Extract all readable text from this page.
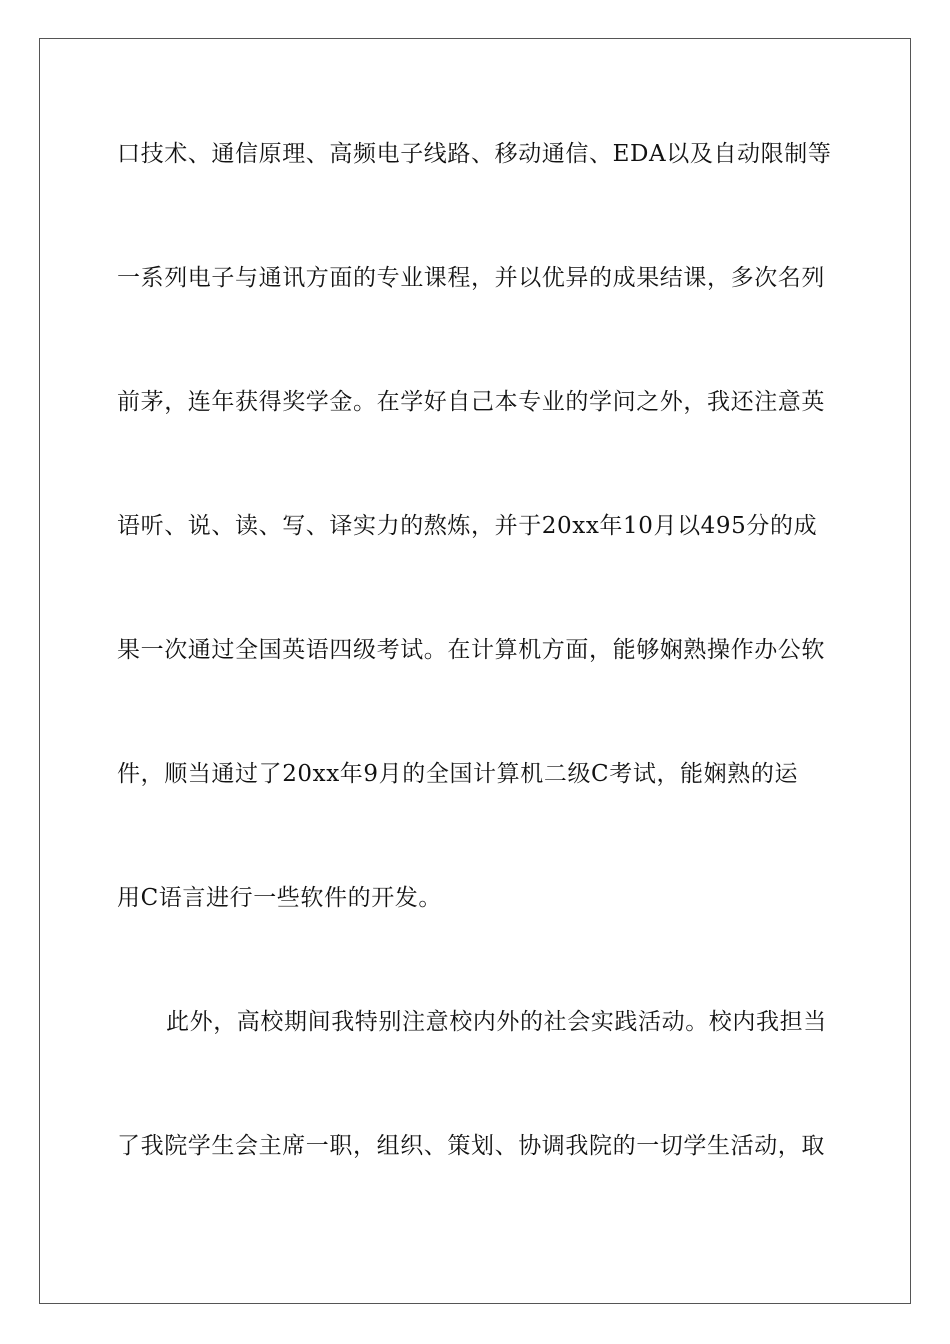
口技术、通信原理、高频电子线路、移动通信、EDA以及自动限制等
一系列电子与通讯方面的专业课程，并以优异的成果结课，多次名列
前茅，连年获得奖学金。在学好自己本专业的学问之外，我还注意英
语听、说、读、写、译实力的熬炼，并于20xx年10月以495分的成
果一次通过全国英语四级考试。在计算机方面，能够娴熟操作办公软
件，顺当通过了20xx年9月的全国计算机二级C考试，能娴熟的运
用C语言进行一些软件的开发。
此外，高校期间我特别注意校内外的社会实践活动。校内我担当
了我院学生会主席一职，组织、策划、协调我院的一切学生活动，取
